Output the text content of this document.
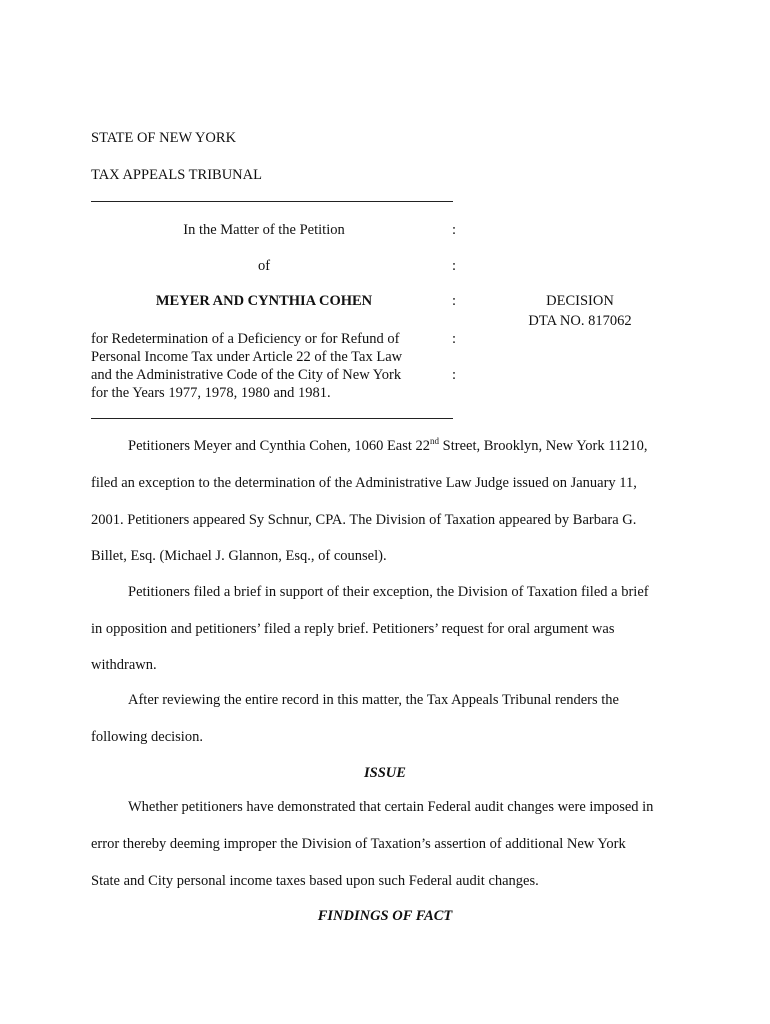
STATE OF NEW YORK
TAX APPEALS TRIBUNAL
In the Matter of the Petition
of
MEYER AND CYNTHIA COHEN
for Redetermination of a Deficiency or for Refund of
Personal Income Tax under Article 22 of the Tax Law
and the Administrative Code of the City of New York
for the Years 1977, 1978, 1980 and 1981.
:
:
:
:
:
DECISION
DTA NO. 817062
Petitioners Meyer and Cynthia Cohen, 1060 East 22nd Street, Brooklyn, New York 11210,
filed an exception to the determination of the Administrative Law Judge issued on January 11,
2001. Petitioners appeared Sy Schnur, CPA. The Division of Taxation appeared by Barbara G.
Billet, Esq. (Michael J. Glannon, Esq., of counsel).
Petitioners filed a brief in support of their exception, the Division of Taxation filed a brief
in opposition and petitioners’ filed a reply brief. Petitioners’ request for oral argument was
withdrawn.
After reviewing the entire record in this matter, the Tax Appeals Tribunal renders the
following decision.
ISSUE
Whether petitioners have demonstrated that certain Federal audit changes were imposed in
error thereby deeming improper the Division of Taxation’s assertion of additional New York
State and City personal income taxes based upon such Federal audit changes.
FINDINGS OF FACT
